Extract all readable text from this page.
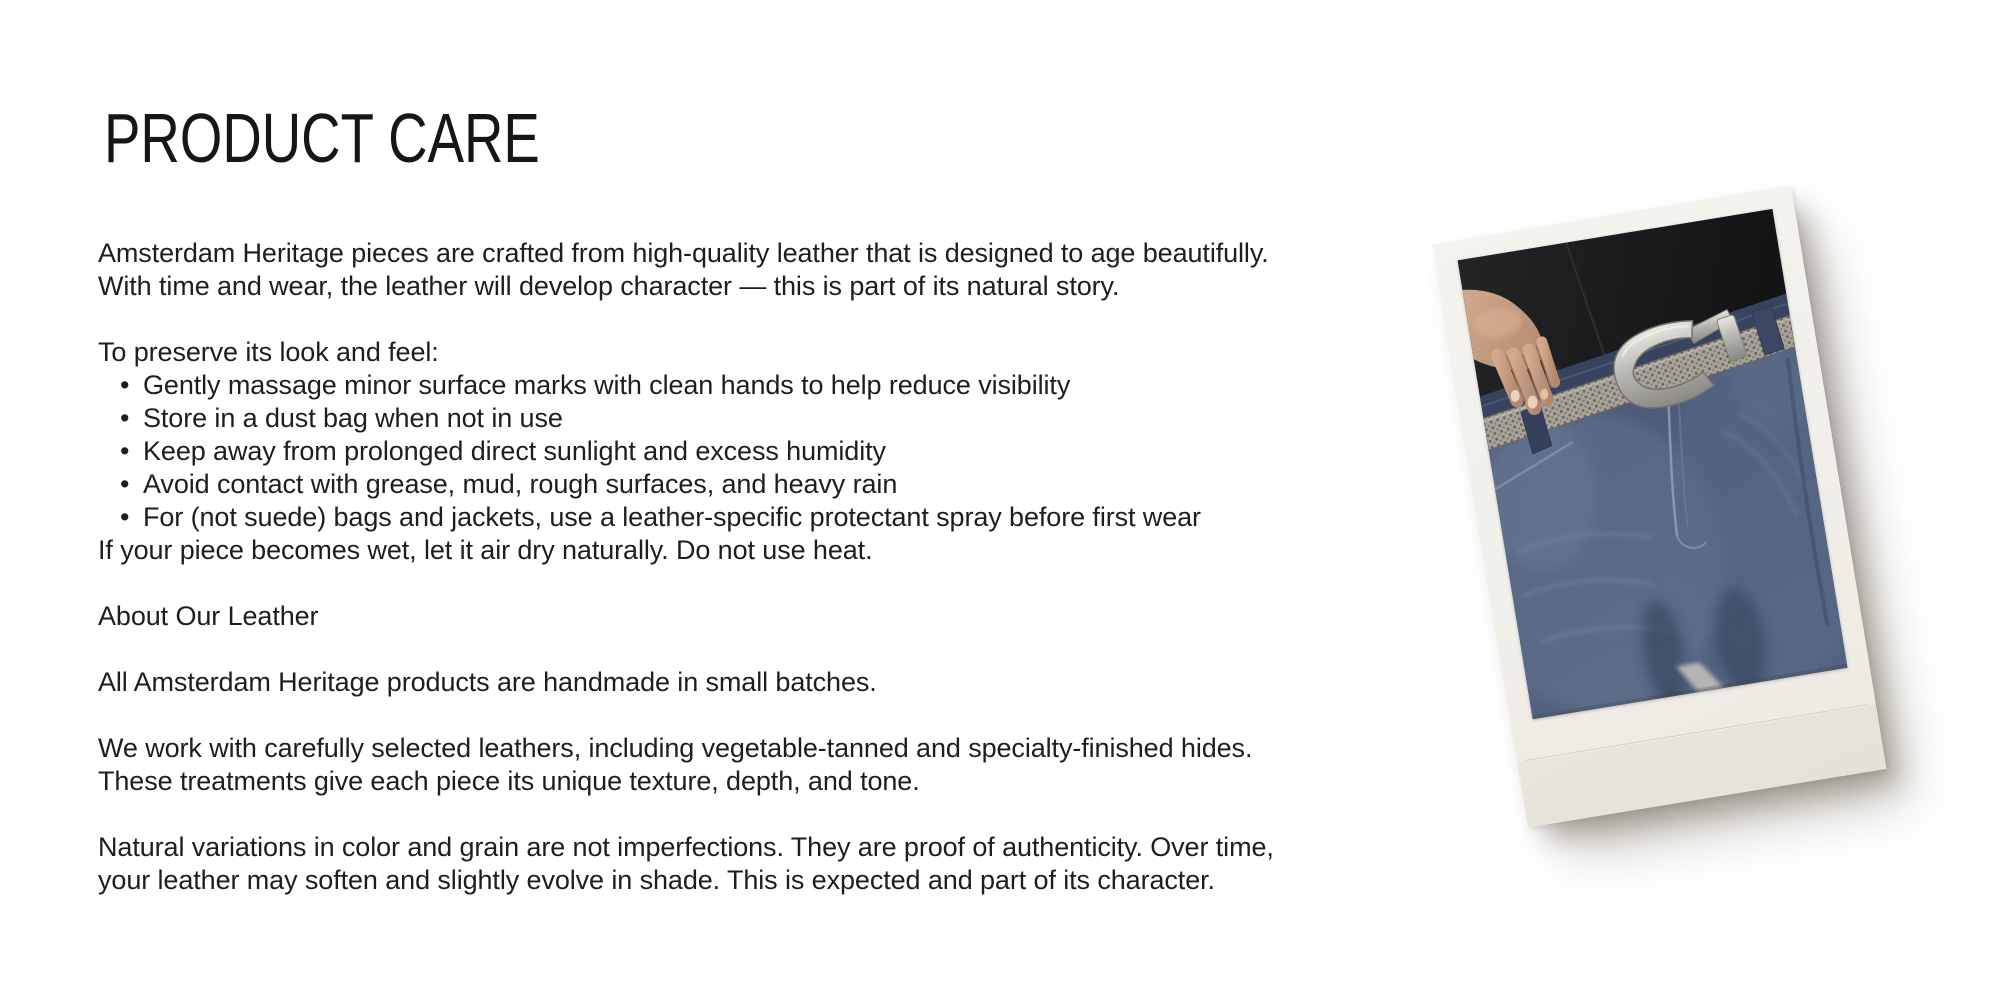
PRODUCT CARE
Amsterdam Heritage pieces are crafted from high-quality leather that is designed to age beautifully.
With time and wear, the leather will develop character — this is part of its natural story.
To preserve its look and feel:
• Gently massage minor surface marks with clean hands to help reduce visibility
• Store in a dust bag when not in use
• Keep away from prolonged direct sunlight and excess humidity
• Avoid contact with grease, mud, rough surfaces, and heavy rain
• For (not suede) bags and jackets, use a leather-specific protectant spray before first wear
If your piece becomes wet, let it air dry naturally. Do not use heat.
About Our Leather
All Amsterdam Heritage products are handmade in small batches.
We work with carefully selected leathers, including vegetable-tanned and specialty-finished hides.
These treatments give each piece its unique texture, depth, and tone.
Natural variations in color and grain are not imperfections. They are proof of authenticity. Over time,
your leather may soften and slightly evolve in shade. This is expected and part of its character.
